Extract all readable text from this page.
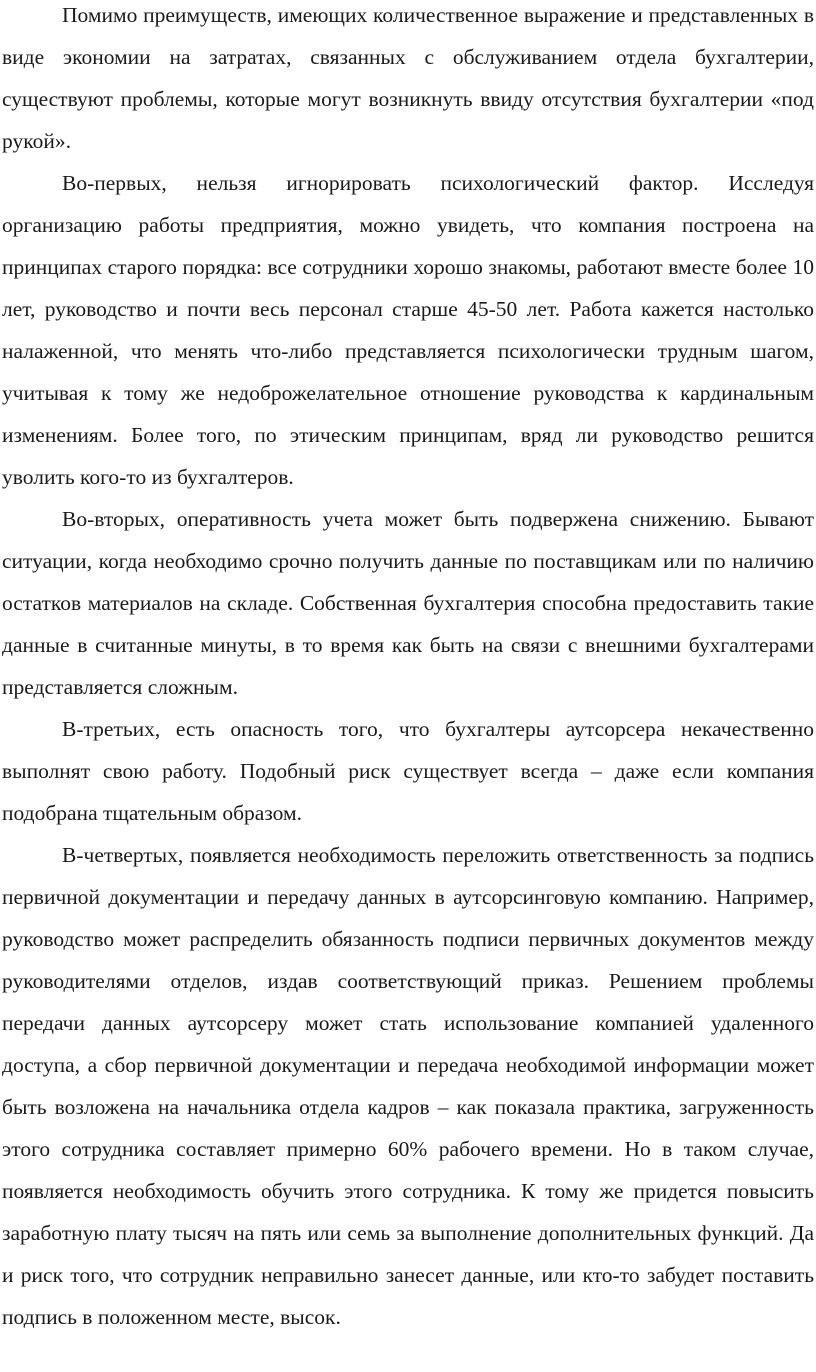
Помимо преимуществ, имеющих количественное выражение и представленных в виде экономии на затратах, связанных с обслуживанием отдела бухгалтерии, существуют проблемы, которые могут возникнуть ввиду отсутствия бухгалтерии «под рукой».

Во-первых, нельзя игнорировать психологический фактор. Исследуя организацию работы предприятия, можно увидеть, что компания построена на принципах старого порядка: все сотрудники хорошо знакомы, работают вместе более 10 лет, руководство и почти весь персонал старше 45-50 лет. Работа кажется настолько налаженной, что менять что-либо представляется психологически трудным шагом, учитывая к тому же недоброжелательное отношение руководства к кардинальным изменениям. Более того, по этическим принципам, вряд ли руководство решится уволить кого-то из бухгалтеров.

Во-вторых, оперативность учета может быть подвержена снижению. Бывают ситуации, когда необходимо срочно получить данные по поставщикам или по наличию остатков материалов на складе. Собственная бухгалтерия способна предоставить такие данные в считанные минуты, в то время как быть на связи с внешними бухгалтерами представляется сложным.

В-третьих, есть опасность того, что бухгалтеры аутсорсера некачественно выполнят свою работу. Подобный риск существует всегда – даже если компания подобрана тщательным образом.

В-четвертых, появляется необходимость переложить ответственность за подпись первичной документации и передачу данных в аутсорсинговую компанию. Например, руководство может распределить обязанность подписи первичных документов между руководителями отделов, издав соответствующий приказ. Решением проблемы передачи данных аутсорсеру может стать использование компанией удаленного доступа, а сбор первичной документации и передача необходимой информации может быть возложена на начальника отдела кадров – как показала практика, загруженность этого сотрудника составляет примерно 60% рабочего времени. Но в таком случае, появляется необходимость обучить этого сотрудника. К тому же придется повысить заработную плату тысяч на пять или семь за выполнение дополнительных функций. Да и риск того, что сотрудник неправильно занесет данные, или кто-то забудет поставить подпись в положенном месте, высок.
